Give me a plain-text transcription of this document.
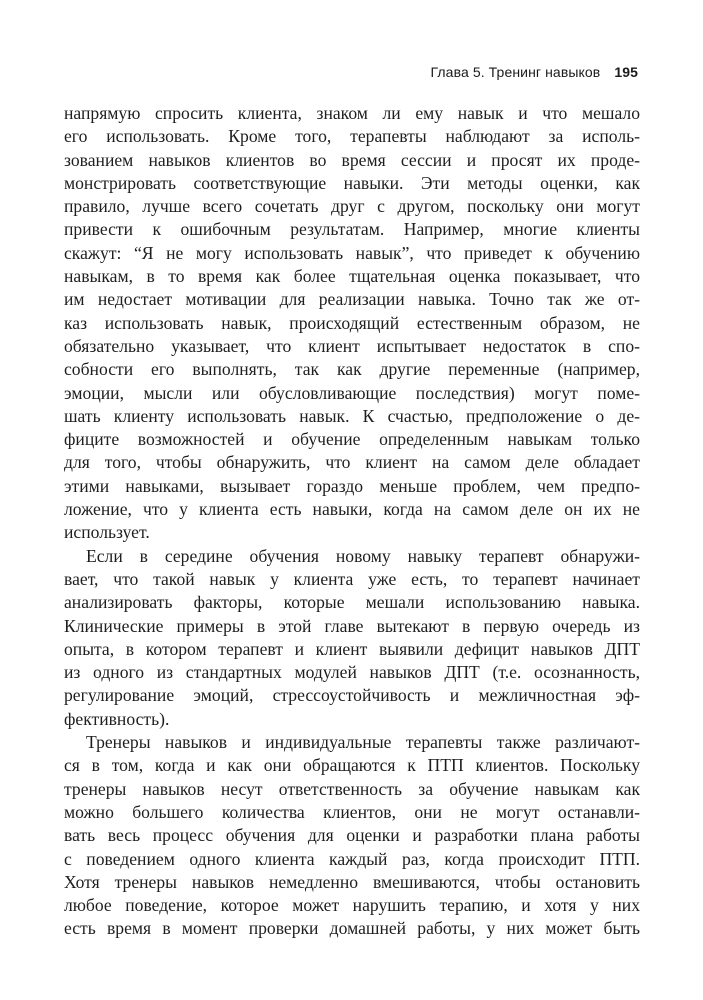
Глава 5. Тренинг навыков 195

напрямую спросить клиента, знаком ли ему навык и что мешало
его использовать. Кроме того, терапевты наблюдают за исполь-
зованием навыков клиентов во время сессии и просят их проде-
монстрировать соответствующие навыки. Эти методы оценки, как
правило, лучше всего сочетать друг с другом, поскольку они могут
привести к ошибочным результатам. Например, многие клиенты
скажут: “Я не могу использовать навык”, что приведет к обучению
навыкам, в то время как более тщательная оценка показывает, что
им недостает мотивации для реализации навыка. Точно так же от-
каз использовать навык, происходящий естественным образом, не
обязательно указывает, что клиент испытывает недостаток в спо-
собности его выполнять, так как другие переменные (например,
эмоции, мысли или обусловливающие последствия) могут поме-
шать клиенту использовать навык. К счастью, предположение о де-
фиците возможностей и обучение определенным навыкам только
для того, чтобы обнаружить, что клиент на самом деле обладает
этими навыками, вызывает гораздо меньше проблем, чем предпо-
ложение, что у клиента есть навыки, когда на самом деле он их не
использует.

Если в середине обучения новому навыку терапевт обнаружи-
вает, что такой навык у клиента уже есть, то терапевт начинает
анализировать факторы, которые мешали использованию навыка.
Клинические примеры в этой главе вытекают в первую очередь из
опыта, в котором терапевт и клиент выявили дефицит навыков ДПТ
из одного из стандартных модулей навыков ДПТ (т.е. осознанность,
регулирование эмоций, стрессоустойчивость и межличностная эф-
фективность).

Тренеры навыков и индивидуальные терапевты также различают-
ся в том, когда и как они обращаются к ПТП клиентов. Поскольку
тренеры навыков несут ответственность за обучение навыкам как
можно большего количества клиентов, они не могут останавли-
вать весь процесс обучения для оценки и разработки плана работы
с поведением одного клиента каждый раз, когда происходит ПТП.
Хотя тренеры навыков немедленно вмешиваются, чтобы остановить
любое поведение, которое может нарушить терапию, и хотя у них
есть время в момент проверки домашней работы, у них может быть
